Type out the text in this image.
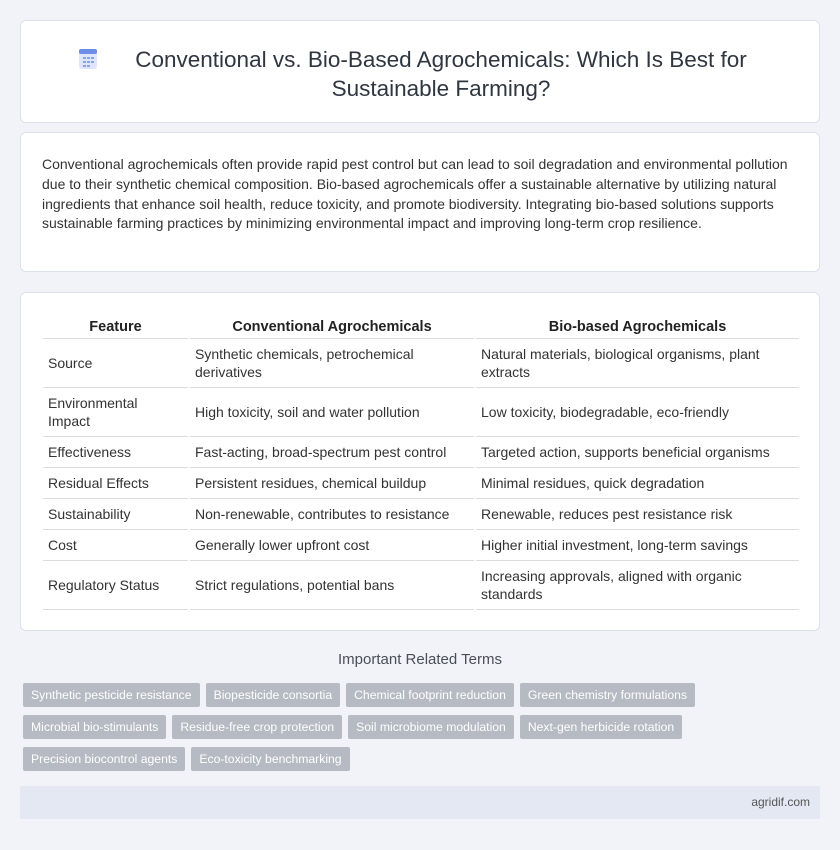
Conventional vs. Bio-Based Agrochemicals: Which Is Best for Sustainable Farming?

Conventional agrochemicals often provide rapid pest control but can lead to soil degradation and environmental pollution due to their synthetic chemical composition. Bio-based agrochemicals offer a sustainable alternative by utilizing natural ingredients that enhance soil health, reduce toxicity, and promote biodiversity. Integrating bio-based solutions supports sustainable farming practices by minimizing environmental impact and improving long-term crop resilience.

Feature	Conventional Agrochemicals	Bio-based Agrochemicals
Source	Synthetic chemicals, petrochemical derivatives	Natural materials, biological organisms, plant extracts
Environmental Impact	High toxicity, soil and water pollution	Low toxicity, biodegradable, eco-friendly
Effectiveness	Fast-acting, broad-spectrum pest control	Targeted action, supports beneficial organisms
Residual Effects	Persistent residues, chemical buildup	Minimal residues, quick degradation
Sustainability	Non-renewable, contributes to resistance	Renewable, reduces pest resistance risk
Cost	Generally lower upfront cost	Higher initial investment, long-term savings
Regulatory Status	Strict regulations, potential bans	Increasing approvals, aligned with organic standards
Important Related Terms
Synthetic pesticide resistance	Biopesticide consortia	Chemical footprint reduction	Green chemistry formulations
Microbial bio-stimulants	Residue-free crop protection	Soil microbiome modulation	Next-gen herbicide rotation
Precision biocontrol agents	Eco-toxicity benchmarking
agridif.com
